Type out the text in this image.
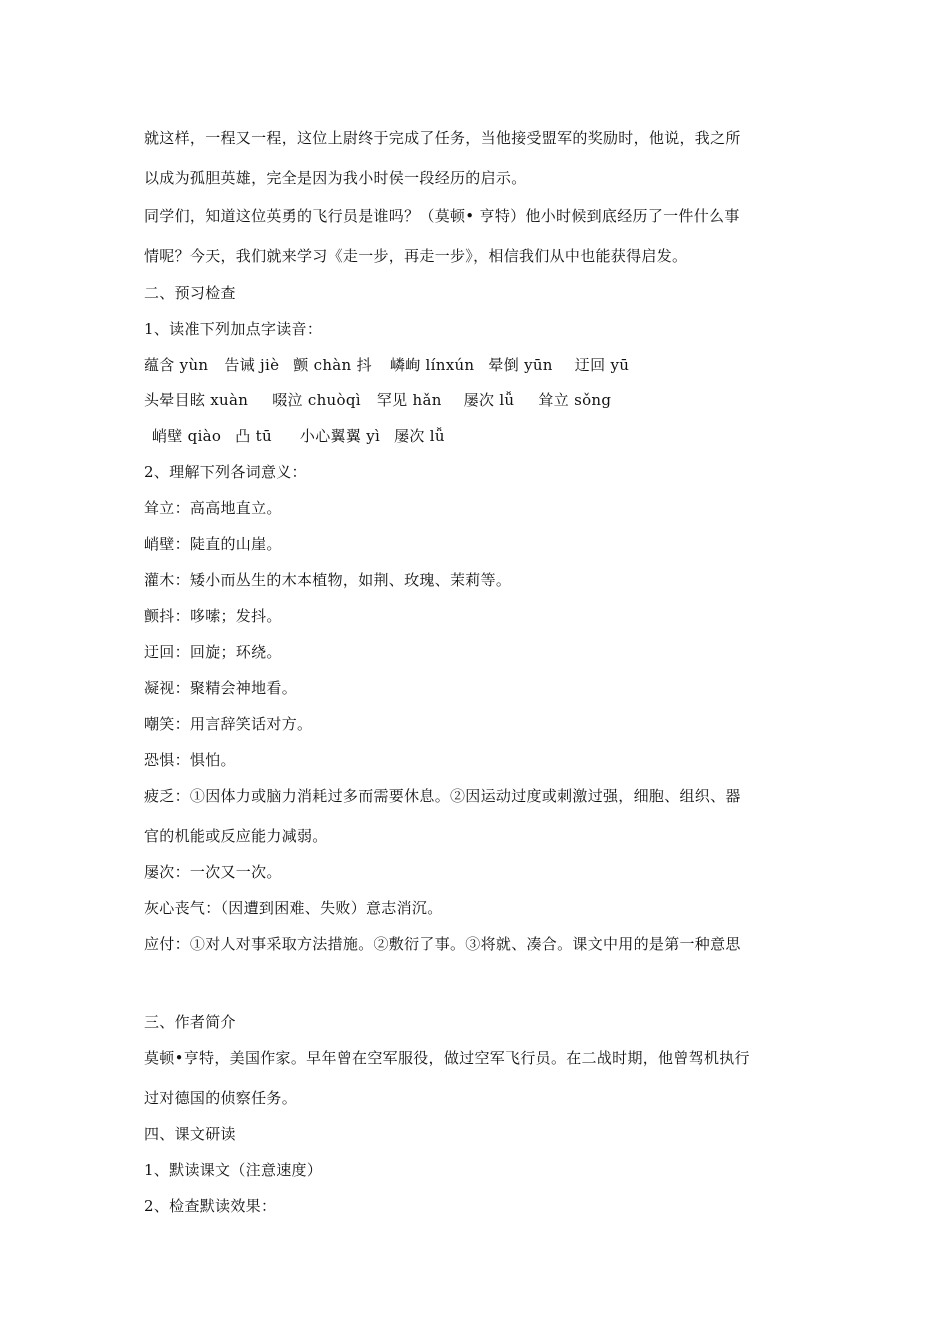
就这样，一程又一程，这位上尉终于完成了任务，当他接受盟军的奖励时，他说，我之所
以成为孤胆英雄，完全是因为我小时侯一段经历的启示。
同学们，知道这位英勇的飞行员是谁吗？（莫顿• 亨特）他小时候到底经历了一件什么事
情呢？今天，我们就来学习《走一步，再走一步》，相信我们从中也能获得启发。
二、预习检查
1、读准下列加点字读音：
蕴含 yùn 告诫 jiè 颤 chàn 抖 嶙峋 línxún 晕倒 yūn 迂回 yū
头晕目眩 xuàn 啜泣 chuòqì 罕见 hǎn 屡次 lǚ 耸立 sǒng
峭壁 qiào 凸 tū 小心翼翼 yì 屡次 lǚ
2、理解下列各词意义：
耸立：高高地直立。
峭壁：陡直的山崖。
灌木：矮小而丛生的木本植物，如荆、玫瑰、茉莉等。
颤抖：哆嗦；发抖。
迂回：回旋；环绕。
凝视：聚精会神地看。
嘲笑：用言辞笑话对方。
恐惧：惧怕。
疲乏：①因体力或脑力消耗过多而需要休息。②因运动过度或刺激过强，细胞、组织、器
官的机能或反应能力减弱。
屡次：一次又一次。
灰心丧气：（因遭到困难、失败）意志消沉。
应付：①对人对事采取方法措施。②敷衍了事。③将就、凑合。课文中用的是第一种意思
三、作者简介
莫顿•亨特，美国作家。早年曾在空军服役，做过空军飞行员。在二战时期，他曾驾机执行
过对德国的侦察任务。
四、课文研读
1、默读课文（注意速度）
2、检查默读效果：
